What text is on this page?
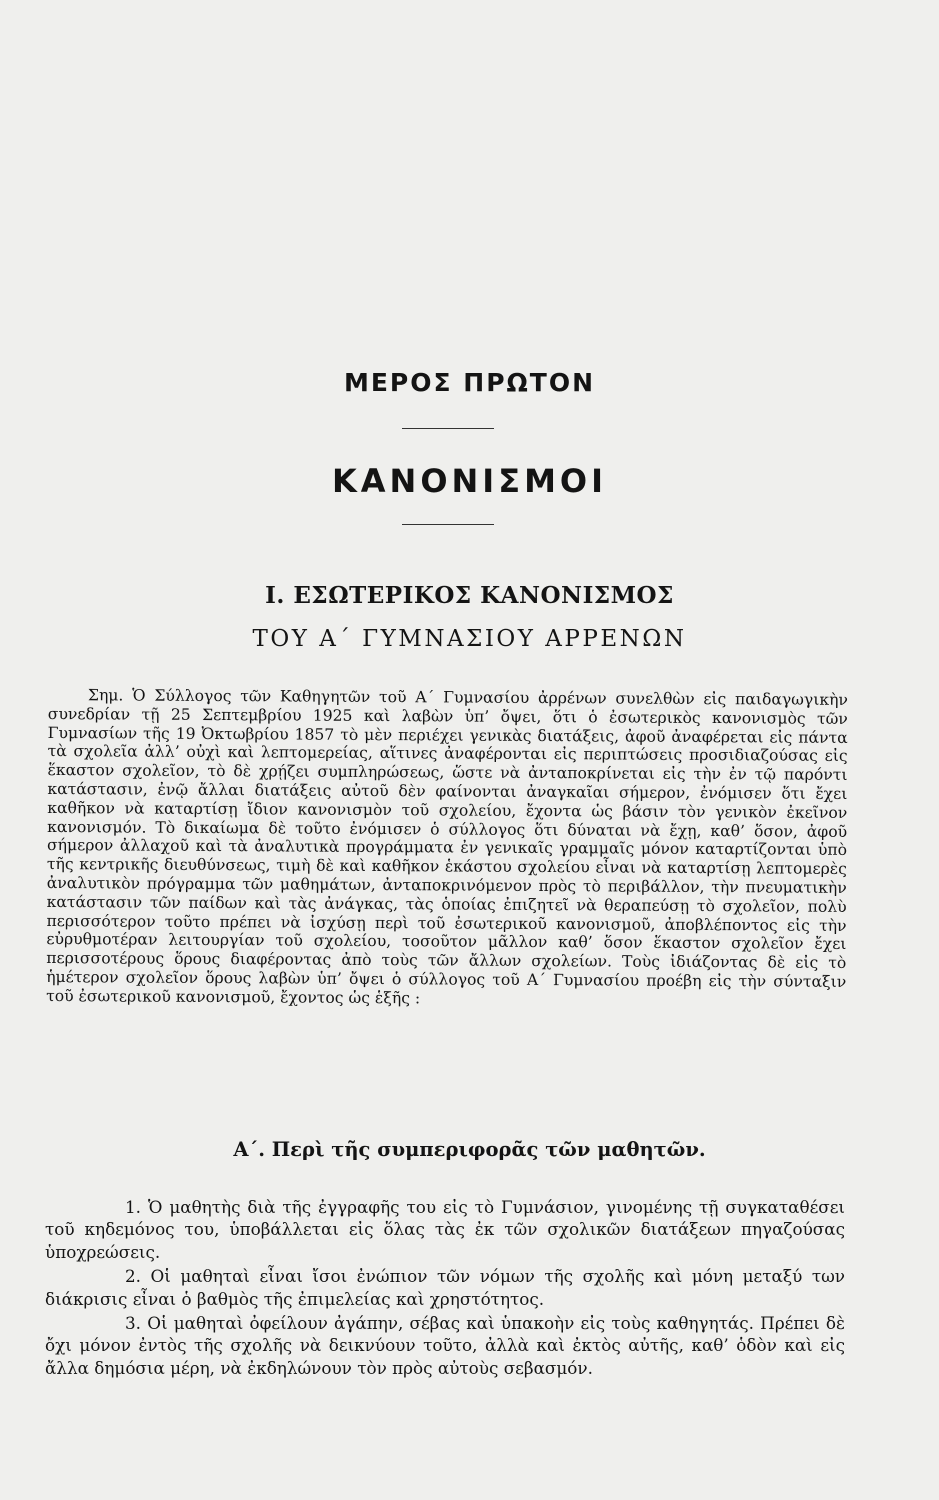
ΜΕΡΟΣ ΠΡΩΤΟΝ
ΚΑΝΟΝΙΣΜΟΙ
I. ΕΣΩΤΕΡΙΚΟΣ ΚΑΝΟΝΙΣΜΟΣ
ΤΟΥ Α΄ ΓΥΜΝΑΣΙΟΥ ΑΡΡΕΝΩΝ
Σημ. Ὁ Σύλλογος τῶν Καθηγητῶν τοῦ Α΄ Γυμνασίου ἀρρένων συνελθὼν εἰς παιδαγωγικὴν συνεδρίαν τῇ 25 Σεπτεμβρίου 1925 καὶ λαβὼν ὑπ’ ὄψει, ὅτι ὁ ἐσωτερικὸς κανονισμὸς τῶν Γυμνασίων τῆς 19 Ὀκτωβρίου 1857 τὸ μὲν περιέχει γενικὰς διατάξεις, ἀφοῦ ἀναφέρεται εἰς πάντα τὰ σχολεῖα ἀλλ’ οὐχὶ καὶ λεπτομερείας, αἵτινες ἀναφέρονται εἰς περιπτώσεις προσιδιαζούσας εἰς ἕκαστον σχολεῖον, τὸ δὲ χρῄζει συμπληρώσεως, ὥστε νὰ ἀνταποκρίνεται εἰς τὴν ἐν τῷ παρόντι κατάστασιν, ἐνῷ ἄλλαι διατάξεις αὐτοῦ δὲν φαίνονται ἀναγκαῖαι σήμερον, ἐνόμισεν ὅτι ἔχει καθῆκον νὰ καταρτίσῃ ἴδιον κανονισμὸν τοῦ σχολείου, ἔχοντα ὡς βάσιν τὸν γενικὸν ἐκεῖνον κανονισμόν. Τὸ δικαίωμα δὲ τοῦτο ἐνόμισεν ὁ σύλλογος ὅτι δύναται νὰ ἔχῃ, καθ’ ὅσον, ἀφοῦ σήμερον ἀλλαχοῦ καὶ τὰ ἀναλυτικὰ προγράμματα ἐν γενικαῖς γραμμαῖς μόνον καταρτίζονται ὑπὸ τῆς κεντρικῆς διευθύνσεως, τιμὴ δὲ καὶ καθῆκον ἑκάστου σχολείου εἶναι νὰ καταρτίσῃ λεπτομερὲς ἀναλυτικὸν πρόγραμμα τῶν μαθημάτων, ἀνταποκρινόμενον πρὸς τὸ περιβάλλον, τὴν πνευματικὴν κατάστασιν τῶν παίδων καὶ τὰς ἀνάγκας, τὰς ὁποίας ἐπιζητεῖ νὰ θεραπεύσῃ τὸ σχολεῖον, πολὺ περισσότερον τοῦτο πρέπει νὰ ἰσχύσῃ περὶ τοῦ ἐσωτερικοῦ κανονισμοῦ, ἀποβλέποντος εἰς τὴν εὐρυθμοτέραν λειτουργίαν τοῦ σχολείου, τοσοῦτον μᾶλλον καθ’ ὅσον ἕκαστον σχολεῖον ἔχει περισσοτέρους ὅρους διαφέροντας ἀπὸ τοὺς τῶν ἄλλων σχολείων. Τοὺς ἰδιάζοντας δὲ εἰς τὸ ἡμέτερον σχολεῖον ὅρους λαβὼν ὑπ’ ὄψει ὁ σύλλογος τοῦ Α΄ Γυμνασίου προέβη εἰς τὴν σύνταξιν τοῦ ἐσωτερικοῦ κανονισμοῦ, ἔχοντος ὡς ἑξῆς :
Α΄. Περὶ τῆς συμπεριφορᾶς τῶν μαθητῶν.

1. Ὁ μαθητὴς διὰ τῆς ἐγγραφῆς του εἰς τὸ Γυμνάσιον, γινομένης τῇ συγκαταθέσει τοῦ κηδεμόνος του, ὑποβάλλεται εἰς ὅλας τὰς ἐκ τῶν σχολικῶν διατάξεων πηγαζούσας ὑποχρεώσεις.

2. Οἱ μαθηταὶ εἶναι ἴσοι ἐνώπιον τῶν νόμων τῆς σχολῆς καὶ μόνη μεταξύ των διάκρισις εἶναι ὁ βαθμὸς τῆς ἐπιμελείας καὶ χρηστότητος.

3. Οἱ μαθηταὶ ὀφείλουν ἀγάπην, σέβας καὶ ὑπακοὴν εἰς τοὺς καθηγητάς. Πρέπει δὲ ὄχι μόνον ἐντὸς τῆς σχολῆς νὰ δεικνύουν τοῦτο, ἀλλὰ καὶ ἐκτὸς αὐτῆς, καθ’ ὁδὸν καὶ εἰς ἄλλα δημόσια μέρη, νὰ ἐκδηλώνουν τὸν πρὸς αὐτοὺς σεβασμόν.
